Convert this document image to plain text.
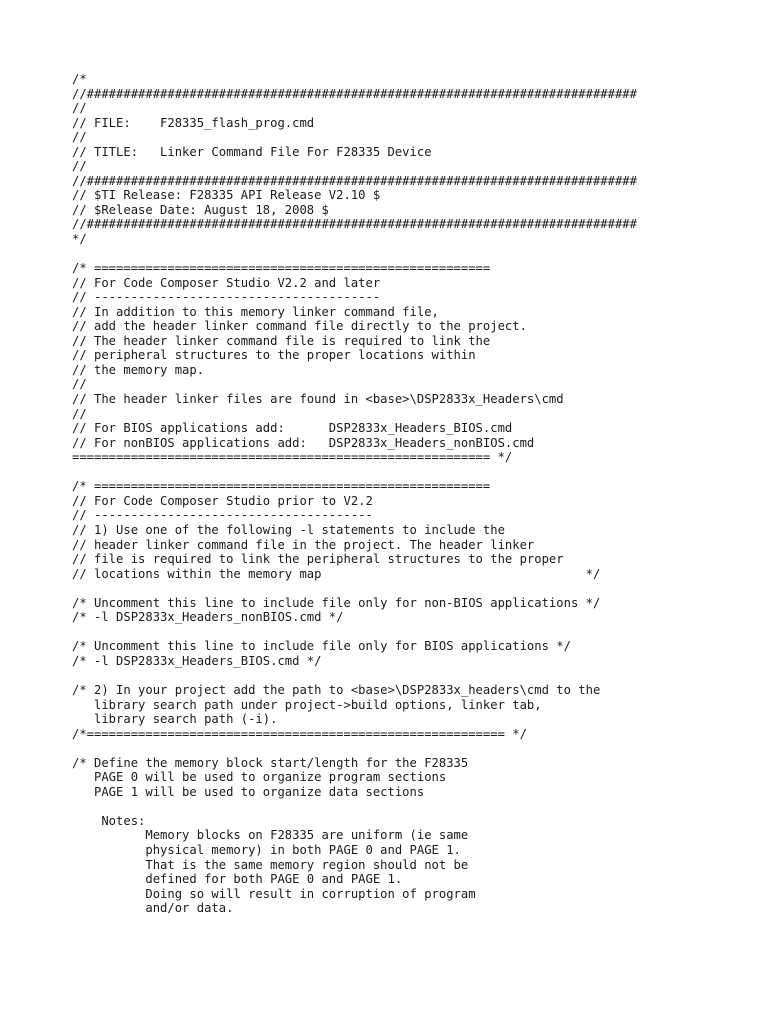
/*
//###########################################################################
//
// FILE:    F28335_flash_prog.cmd
//
// TITLE:   Linker Command File For F28335 Device
//
//###########################################################################
// $TI Release: F28335 API Release V2.10 $
// $Release Date: August 18, 2008 $
//###########################################################################
*/
/* ======================================================
// For Code Composer Studio V2.2 and later
// ---------------------------------------
// In addition to this memory linker command file,
// add the header linker command file directly to the project.
// The header linker command file is required to link the
// peripheral structures to the proper locations within
// the memory map.
//
// The header linker files are found in <base>\DSP2833x_Headers\cmd
//
// For BIOS applications add:      DSP2833x_Headers_BIOS.cmd
// For nonBIOS applications add:   DSP2833x_Headers_nonBIOS.cmd
========================================================= */
/* ======================================================
// For Code Composer Studio prior to V2.2
// --------------------------------------
// 1) Use one of the following -l statements to include the
// header linker command file in the project. The header linker
// file is required to link the peripheral structures to the proper
// locations within the memory map                                    */
/* Uncomment this line to include file only for non-BIOS applications */
/* -l DSP2833x_Headers_nonBIOS.cmd */
/* Uncomment this line to include file only for BIOS applications */
/* -l DSP2833x_Headers_BIOS.cmd */
/* 2) In your project add the path to <base>\DSP2833x_headers\cmd to the
library search path under project->build options, linker tab,
library search path (-i).
/*========================================================= */
/* Define the memory block start/length for the F28335
PAGE 0 will be used to organize program sections
PAGE 1 will be used to organize data sections
Notes:
Memory blocks on F28335 are uniform (ie same
physical memory) in both PAGE 0 and PAGE 1.
That is the same memory region should not be
defined for both PAGE 0 and PAGE 1.
Doing so will result in corruption of program
and/or data.
